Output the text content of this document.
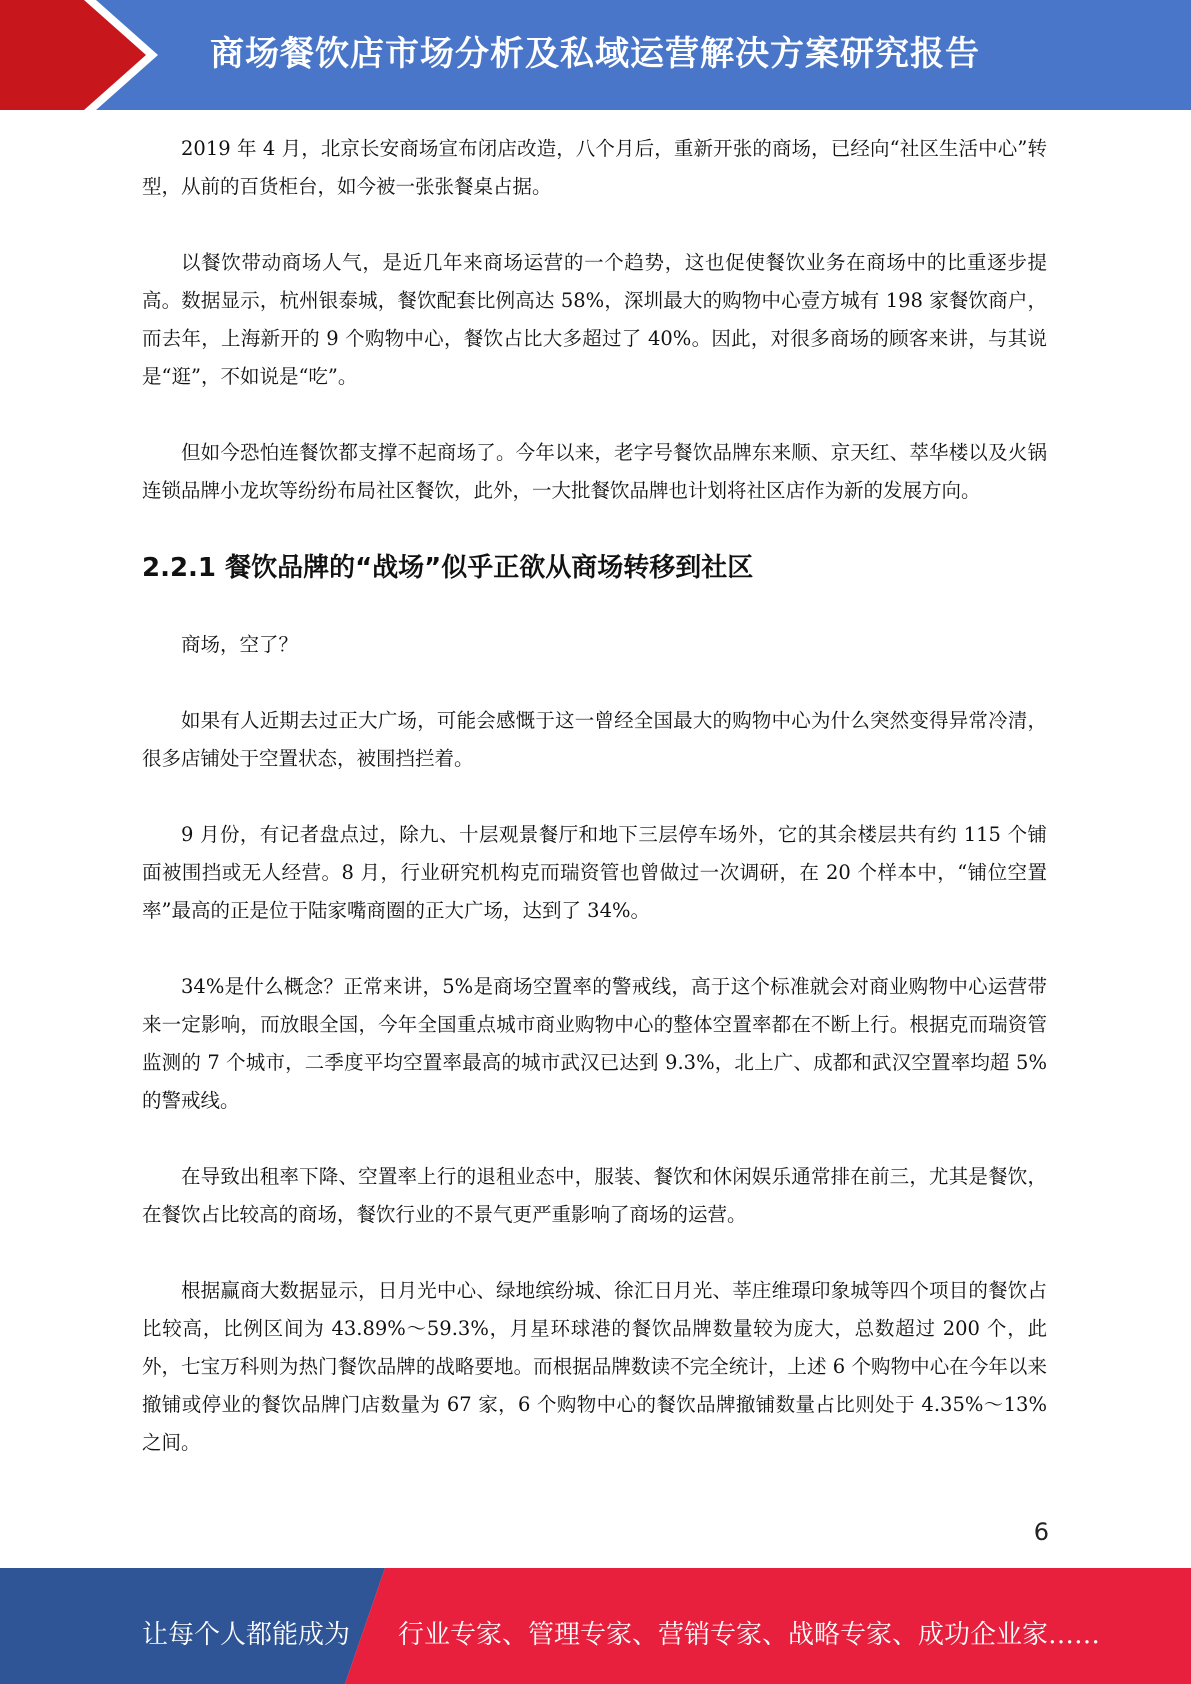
商场餐饮店市场分析及私域运营解决方案研究报告

2019 年 4 月，北京长安商场宣布闭店改造，八个月后，重新开张的商场，已经向“社区生活中心”转型，从前的百货柜台，如今被一张张餐桌占据。

以餐饮带动商场人气，是近几年来商场运营的一个趋势，这也促使餐饮业务在商场中的比重逐步提高。数据显示，杭州银泰城，餐饮配套比例高达 58%，深圳最大的购物中心壹方城有 198 家餐饮商户，而去年，上海新开的 9 个购物中心，餐饮占比大多超过了 40%。因此，对很多商场的顾客来讲，与其说是“逛”，不如说是“吃”。

但如今恐怕连餐饮都支撑不起商场了。今年以来，老字号餐饮品牌东来顺、京天红、萃华楼以及火锅连锁品牌小龙坎等纷纷布局社区餐饮，此外，一大批餐饮品牌也计划将社区店作为新的发展方向。

2.2.1 餐饮品牌的“战场”似乎正欲从商场转移到社区

商场，空了？

如果有人近期去过正大广场，可能会感慨于这一曾经全国最大的购物中心为什么突然变得异常冷清，很多店铺处于空置状态，被围挡拦着。

9 月份，有记者盘点过，除九、十层观景餐厅和地下三层停车场外，它的其余楼层共有约 115 个铺面被围挡或无人经营。8 月，行业研究机构克而瑞资管也曾做过一次调研，在 20 个样本中，“铺位空置率”最高的正是位于陆家嘴商圈的正大广场，达到了 34%。

34%是什么概念？正常来讲，5%是商场空置率的警戒线，高于这个标准就会对商业购物中心运营带来一定影响，而放眼全国，今年全国重点城市商业购物中心的整体空置率都在不断上行。根据克而瑞资管监测的 7 个城市，二季度平均空置率最高的城市武汉已达到 9.3%，北上广、成都和武汉空置率均超 5%的警戒线。

在导致出租率下降、空置率上行的退租业态中，服装、餐饮和休闲娱乐通常排在前三，尤其是餐饮，在餐饮占比较高的商场，餐饮行业的不景气更严重影响了商场的运营。

根据赢商大数据显示，日月光中心、绿地缤纷城、徐汇日月光、莘庄维璟印象城等四个项目的餐饮占比较高，比例区间为 43.89%～59.3%，月星环球港的餐饮品牌数量较为庞大，总数超过 200 个，此外，七宝万科则为热门餐饮品牌的战略要地。而根据品牌数读不完全统计，上述 6 个购物中心在今年以来撤铺或停业的餐饮品牌门店数量为 67 家，6 个购物中心的餐饮品牌撤铺数量占比则处于 4.35%～13%之间。

6
让每个人都能成为 行业专家、管理专家、营销专家、战略专家、成功企业家……
